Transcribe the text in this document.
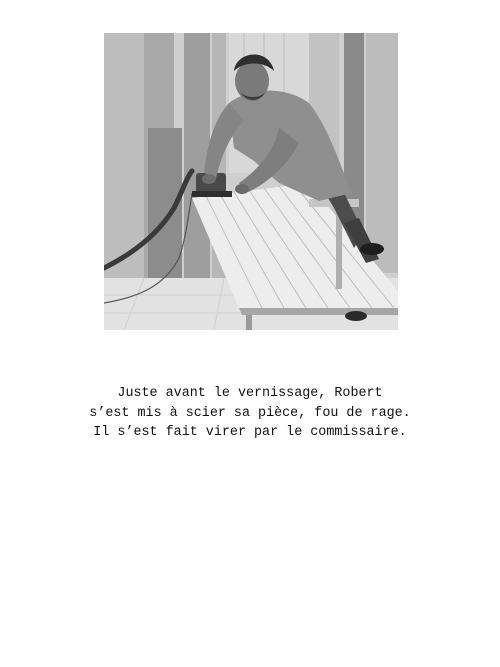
Juste avant le vernissage, Robert
s’est mis à scier sa pièce, fou de rage.
Il s’est fait virer par le commissaire.
